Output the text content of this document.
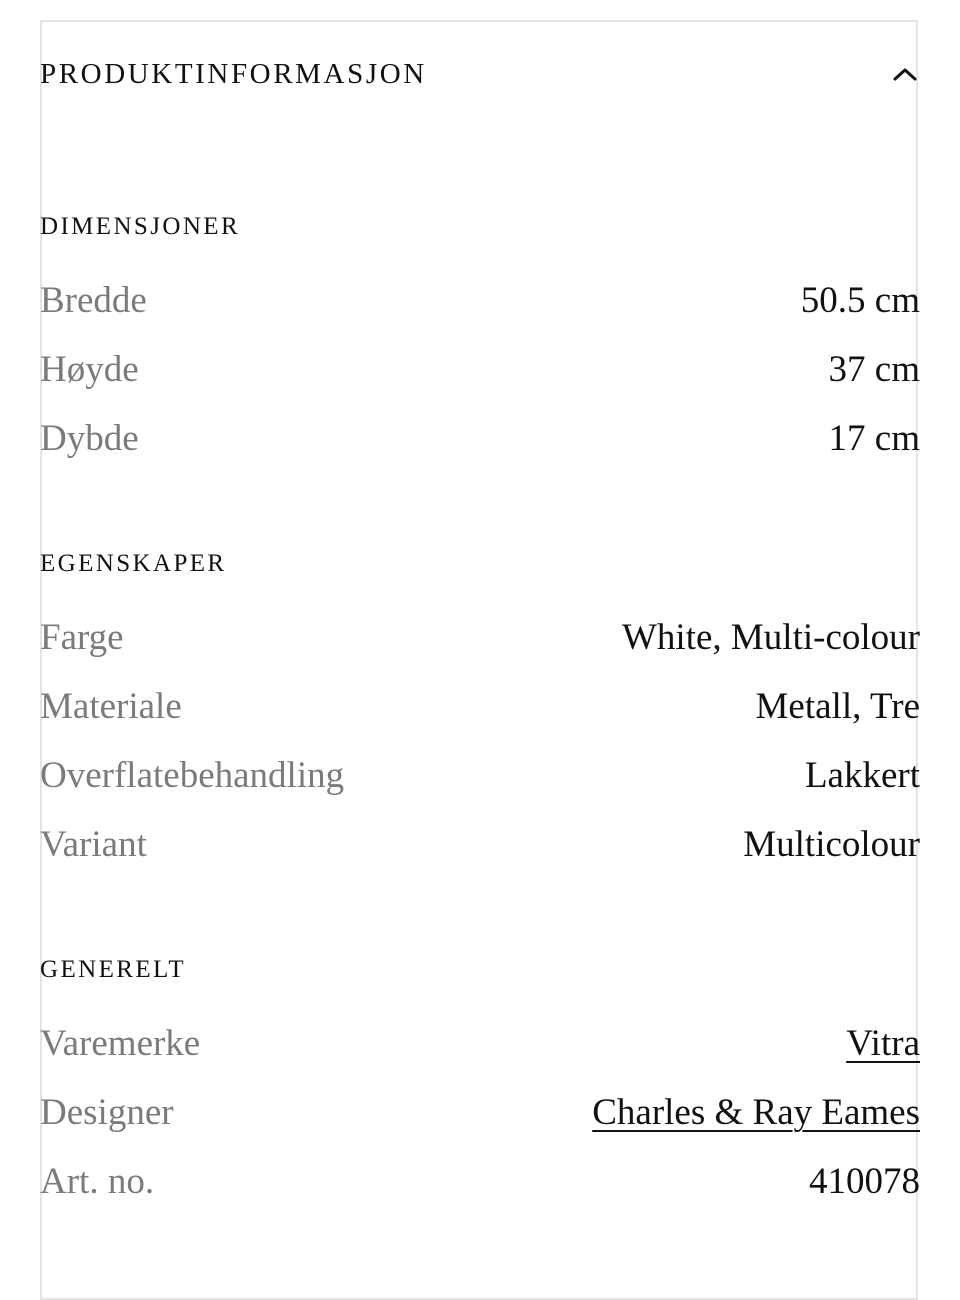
PRODUKTINFORMASJON
DIMENSJONER
Bredde	50.5 cm
Høyde	37 cm
Dybde	17 cm
EGENSKAPER
Farge	White, Multi-colour
Materiale	Metall, Tre
Overflatebehandling	Lakkert
Variant	Multicolour
GENERELT
Varemerke	Vitra
Designer	Charles & Ray Eames
Art. no.	410078
